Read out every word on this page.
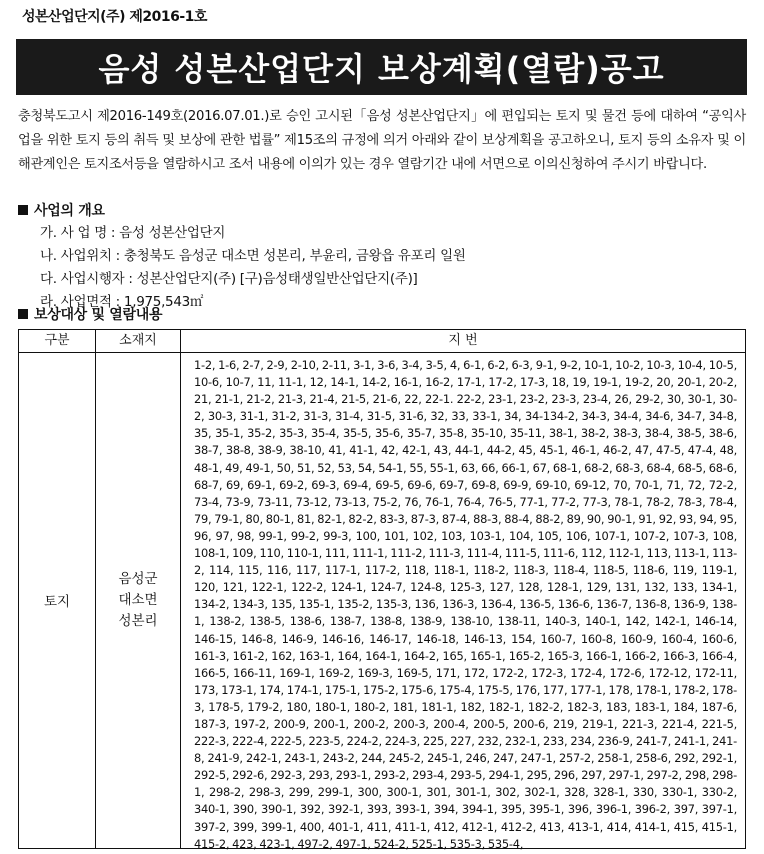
성본산업단지(주) 제2016-1호
음성 성본산업단지 보상계획(열람)공고
충청북도고시 제2016-149호(2016.07.01.)로 승인 고시된「음성 성본산업단지」에 편입되는 토지 및 물건 등에 대하여 “공익사업을 위한 토지 등의 취득 및 보상에 관한 법률” 제15조의 규정에 의거 아래와 같이 보상계획을 공고하오니, 토지 등의 소유자 및 이해관계인은 토지조서등을 열람하시고 조서 내용에 이의가 있는 경우 열람기간 내에 서면으로 이의신청하여 주시기 바랍니다.
사업의 개요
가. 사 업 명 : 음성 성본산업단지
나. 사업위치 : 충청북도 음성군 대소면 성본리, 부윤리, 금왕읍 유포리 일원
다. 사업시행자 : 성본산업단지(주) [구)음성태생일반산업단지(주)]
라. 사업면적 : 1,975,543㎡
보상대상 및 열람내용
구분	소재지	지 번
토지
음성군
대소면
성본리
1-2, 1-6, 2-7, 2-9, 2-10, 2-11, 3-1, 3-6, 3-4, 3-5, 4, 6-1, 6-2, 6-3, 9-1, 9-2, 10-1, 10-2, 10-3, 10-4, 10-5, 10-6, 10-7, 11, 11-1, 12, 14-1, 14-2, 16-1, 16-2, 17-1, 17-2, 17-3, 18, 19, 19-1, 19-2, 20, 20-1, 20-2, 21, 21-1, 21-2, 21-3, 21-4, 21-5, 21-6, 22, 22-1. 22-2, 23-1, 23-2, 23-3, 23-4, 26, 29-2, 30, 30-1, 30-2, 30-3, 31-1, 31-2, 31-3, 31-4, 31-5, 31-6, 32, 33, 33-1, 34, 34-134-2, 34-3, 34-4, 34-6, 34-7, 34-8, 35, 35-1, 35-2, 35-3, 35-4, 35-5, 35-6, 35-7, 35-8, 35-10, 35-11, 38-1, 38-2, 38-3, 38-4, 38-5, 38-6, 38-7, 38-8, 38-9, 38-10, 41, 41-1, 42, 42-1, 43, 44-1, 44-2, 45, 45-1, 46-1, 46-2, 47, 47-5, 47-4, 48, 48-1, 49, 49-1, 50, 51, 52, 53, 54, 54-1, 55, 55-1, 63, 66, 66-1, 67, 68-1, 68-2, 68-3, 68-4, 68-5, 68-6, 68-7, 69, 69-1, 69-2, 69-3, 69-4, 69-5, 69-6, 69-7, 69-8, 69-9, 69-10, 69-12, 70, 70-1, 71, 72, 72-2, 73-4, 73-9, 73-11, 73-12, 73-13, 75-2, 76, 76-1, 76-4, 76-5, 77-1, 77-2, 77-3, 78-1, 78-2, 78-3, 78-4, 79, 79-1, 80, 80-1, 81, 82-1, 82-2, 83-3, 87-3, 87-4, 88-3, 88-4, 88-2, 89, 90, 90-1, 91, 92, 93, 94, 95, 96, 97, 98, 99-1, 99-2, 99-3, 100, 101, 102, 103, 103-1, 104, 105, 106, 107-1, 107-2, 107-3, 108, 108-1, 109, 110, 110-1, 111, 111-1, 111-2, 111-3, 111-4, 111-5, 111-6, 112, 112-1, 113, 113-1, 113-2, 114, 115, 116, 117, 117-1, 117-2, 118, 118-1, 118-2, 118-3, 118-4, 118-5, 118-6, 119, 119-1, 120, 121, 122-1, 122-2, 124-1, 124-7, 124-8, 125-3, 127, 128, 128-1, 129, 131, 132, 133, 134-1, 134-2, 134-3, 135, 135-1, 135-2, 135-3, 136, 136-3, 136-4, 136-5, 136-6, 136-7, 136-8, 136-9, 138-1, 138-2, 138-5, 138-6, 138-7, 138-8, 138-9, 138-10, 138-11, 140-3, 140-1, 142, 142-1, 146-14, 146-15, 146-8, 146-9, 146-16, 146-17, 146-18, 146-13, 154, 160-7, 160-8, 160-9, 160-4, 160-6, 161-3, 161-2, 162, 163-1, 164, 164-1, 164-2, 165, 165-1, 165-2, 165-3, 166-1, 166-2, 166-3, 166-4, 166-5, 166-11, 169-1, 169-2, 169-3, 169-5, 171, 172, 172-2, 172-3, 172-4, 172-6, 172-12, 172-11, 173, 173-1, 174, 174-1, 175-1, 175-2, 175-6, 175-4, 175-5, 176, 177, 177-1, 178, 178-1, 178-2, 178-3, 178-5, 179-2, 180, 180-1, 180-2, 181, 181-1, 182, 182-1, 182-2, 182-3, 183, 183-1, 184, 187-6, 187-3, 197-2, 200-9, 200-1, 200-2, 200-3, 200-4, 200-5, 200-6, 219, 219-1, 221-3, 221-4, 221-5, 222-3, 222-4, 222-5, 223-5, 224-2, 224-3, 225, 227, 232, 232-1, 233, 234, 236-9, 241-7, 241-1, 241-8, 241-9, 242-1, 243-1, 243-2, 244, 245-2, 245-1, 246, 247, 247-1, 257-2, 258-1, 258-6, 292, 292-1, 292-5, 292-6, 292-3, 293, 293-1, 293-2, 293-4, 293-5, 294-1, 295, 296, 297, 297-1, 297-2, 298, 298-1, 298-2, 298-3, 299, 299-1, 300, 300-1, 301, 301-1, 302, 302-1, 328, 328-1, 330, 330-1, 330-2, 340-1, 390, 390-1, 392, 392-1, 393, 393-1, 394, 394-1, 395, 395-1, 396, 396-1, 396-2, 397, 397-1, 397-2, 399, 399-1, 400, 401-1, 411, 411-1, 412, 412-1, 412-2, 413, 413-1, 414, 414-1, 415, 415-1, 415-2, 423, 423-1, 497-2, 497-1, 524-2, 525-1, 535-3, 535-4,
